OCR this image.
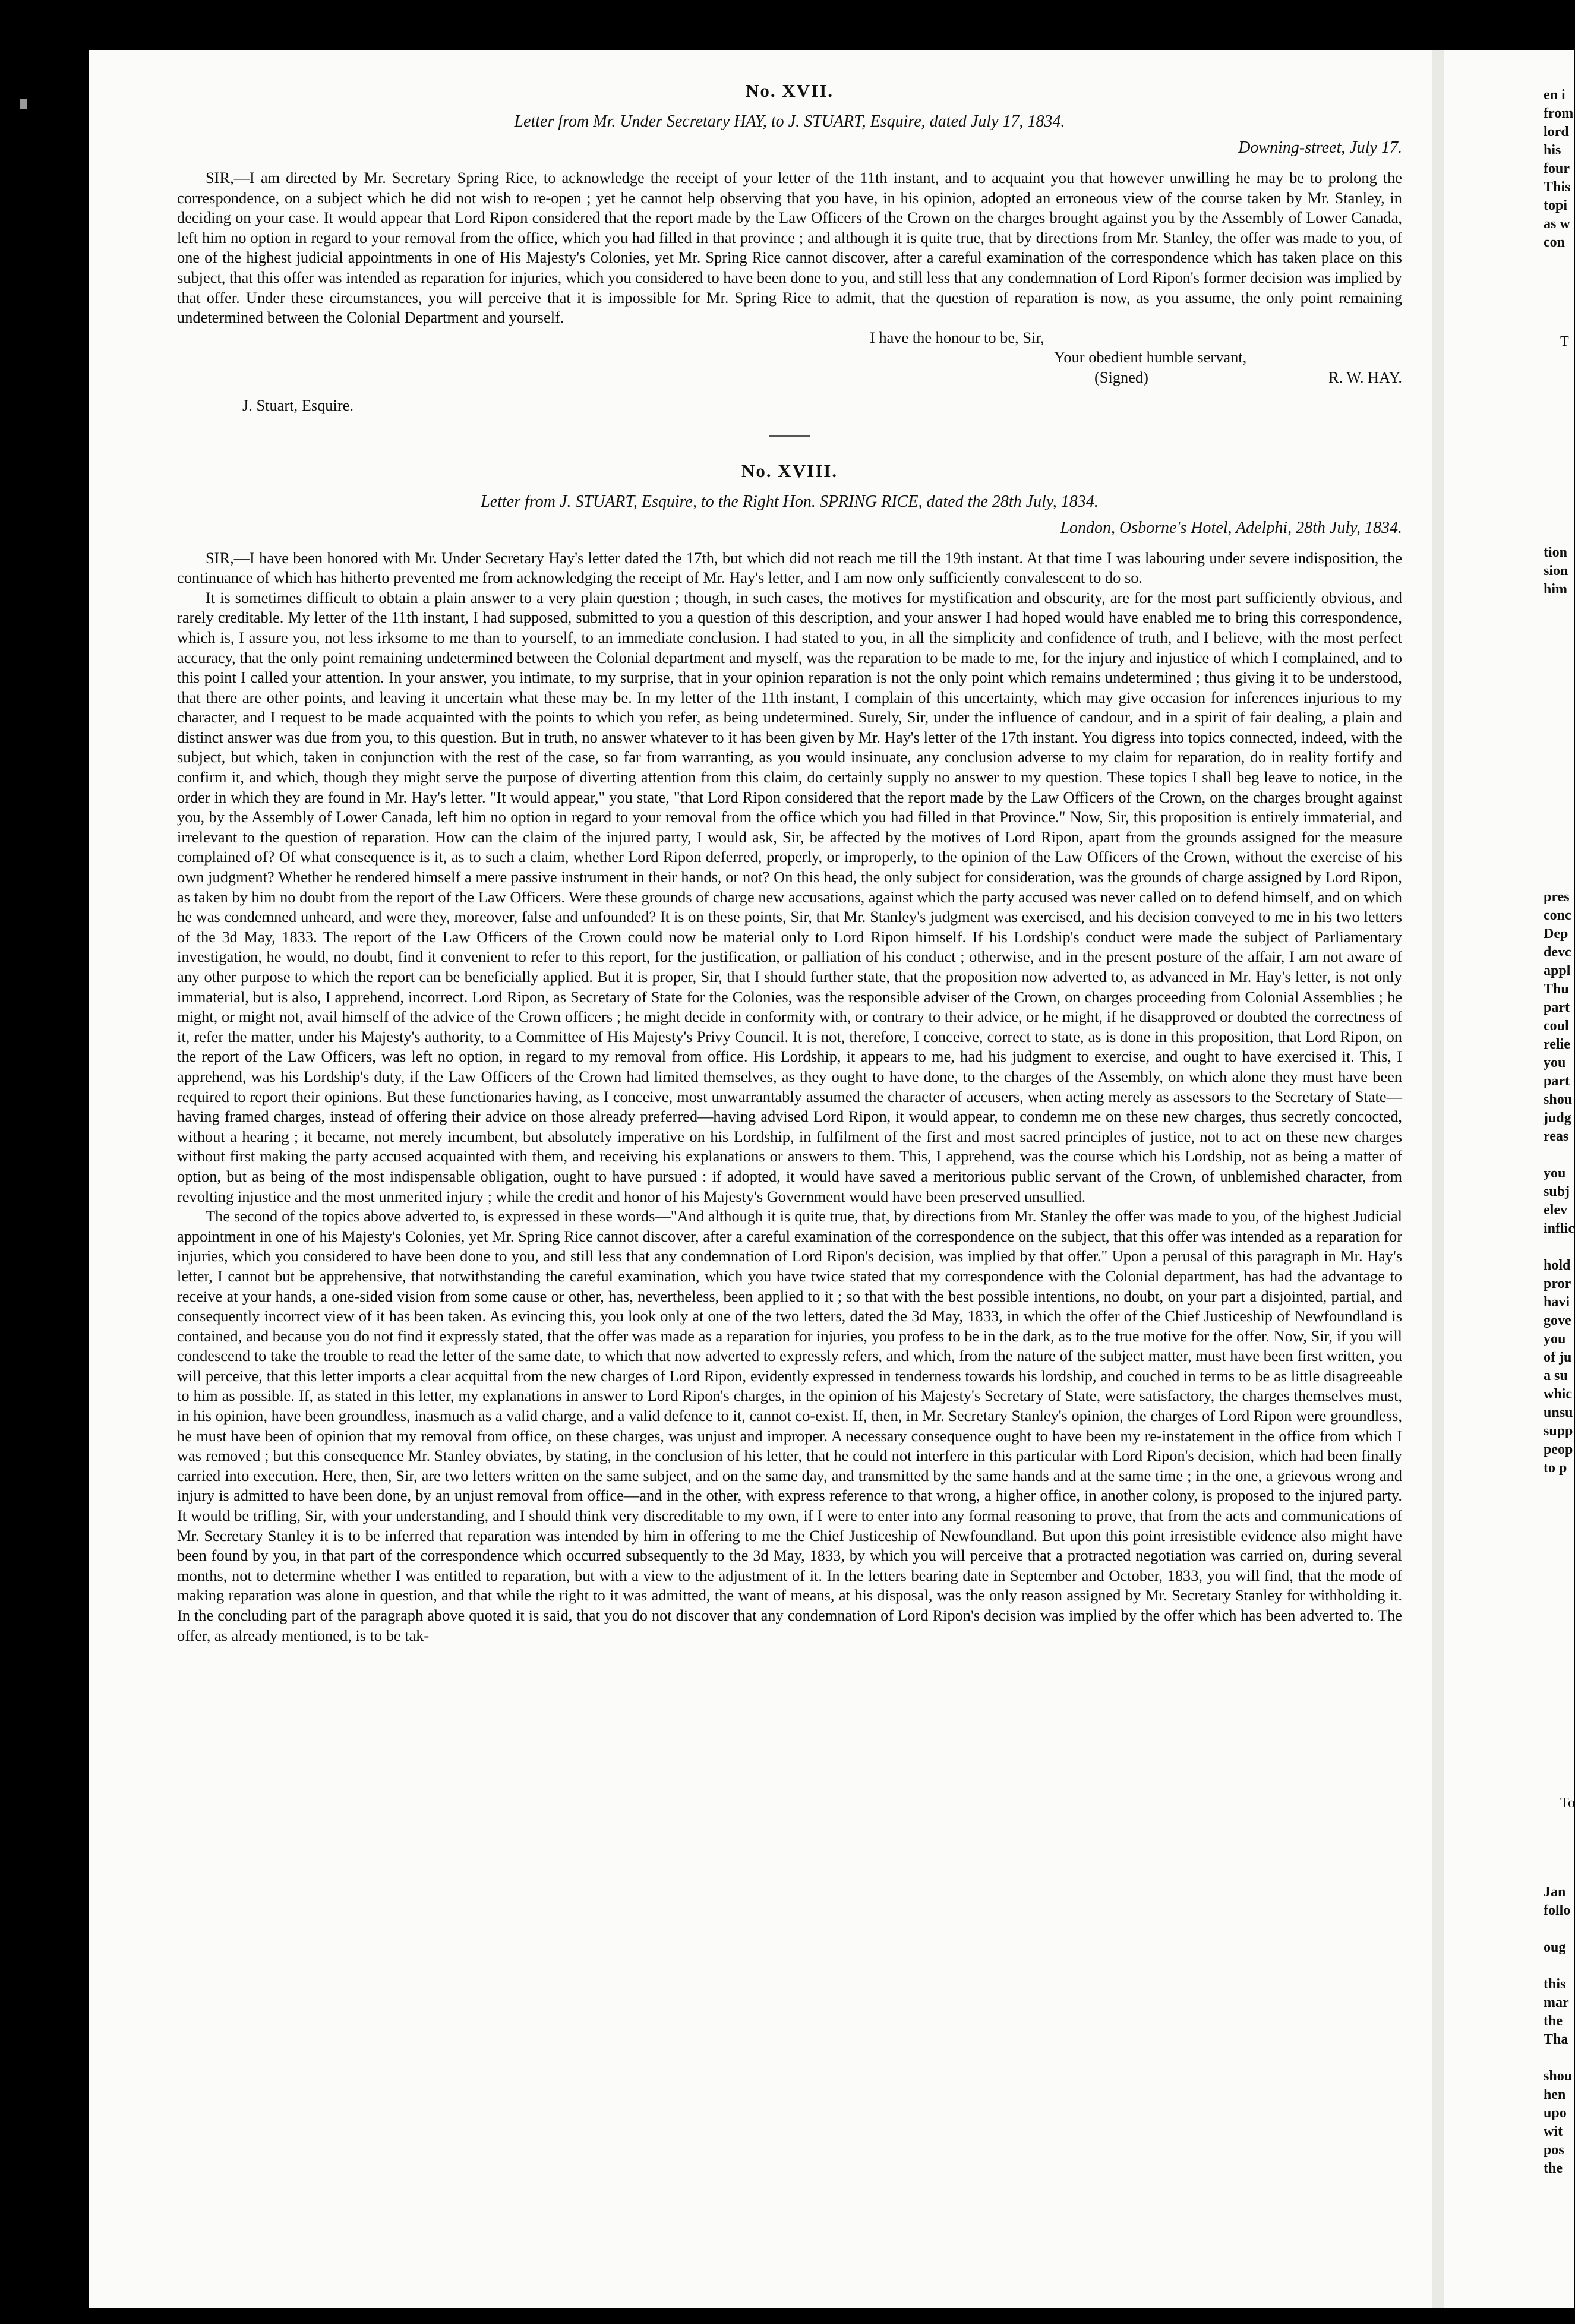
▘
No. XVII.
Letter from Mr. Under Secretary HAY, to J. STUART, Esquire, dated July 17, 1834.
Downing-street, July 17.

SIR,—I am directed by Mr. Secretary Spring Rice, to acknowledge the receipt of your letter of the 11th instant, and to acquaint you that however unwilling he may be to prolong the correspondence, on a subject which he did not wish to re-open ; yet he cannot help observing that you have, in his opinion, adopted an erroneous view of the course taken by Mr. Stanley, in deciding on your case. It would appear that Lord Ripon considered that the report made by the Law Officers of the Crown on the charges brought against you by the Assembly of Lower Canada, left him no option in regard to your removal from the office, which you had filled in that province ; and although it is quite true, that by directions from Mr. Stanley, the offer was made to you, of one of the highest judicial appointments in one of His Majesty's Colonies, yet Mr. Spring Rice cannot discover, after a careful examination of the correspondence which has taken place on this subject, that this offer was intended as reparation for injuries, which you considered to have been done to you, and still less that any condemnation of Lord Ripon's former decision was implied by that offer. Under these circumstances, you will perceive that it is impossible for Mr. Spring Rice to admit, that the question of reparation is now, as you assume, the only point remaining undetermined between the Colonial Department and yourself.

I have the honour to be, Sir,
Your obedient humble servant,
(Signed)	R. W. HAY.
J. Stuart, Esquire.
No. XVIII.
Letter from J. STUART, Esquire, to the Right Hon. SPRING RICE, dated the 28th July, 1834.
London, Osborne's Hotel, Adelphi, 28th July, 1834.

SIR,—I have been honored with Mr. Under Secretary Hay's letter dated the 17th, but which did not reach me till the 19th instant. At that time I was labouring under severe indisposition, the continuance of which has hitherto prevented me from acknowledging the receipt of Mr. Hay's letter, and I am now only sufficiently convalescent to do so.

It is sometimes difficult to obtain a plain answer to a very plain question ; though, in such cases, the motives for mystification and obscurity, are for the most part sufficiently obvious, and rarely creditable. My letter of the 11th instant, I had supposed, submitted to you a question of this description, and your answer I had hoped would have enabled me to bring this correspondence, which is, I assure you, not less irksome to me than to yourself, to an immediate conclusion. I had stated to you, in all the simplicity and confidence of truth, and I believe, with the most perfect accuracy, that the only point remaining undetermined between the Colonial department and myself, was the reparation to be made to me, for the injury and injustice of which I complained, and to this point I called your attention. In your answer, you intimate, to my surprise, that in your opinion reparation is not the only point which remains undetermined ; thus giving it to be understood, that there are other points, and leaving it uncertain what these may be. In my letter of the 11th instant, I complain of this uncertainty, which may give occasion for inferences injurious to my character, and I request to be made acquainted with the points to which you refer, as being undetermined. Surely, Sir, under the influence of candour, and in a spirit of fair dealing, a plain and distinct answer was due from you, to this question. But in truth, no answer whatever to it has been given by Mr. Hay's letter of the 17th instant. You digress into topics connected, indeed, with the subject, but which, taken in conjunction with the rest of the case, so far from warranting, as you would insinuate, any conclusion adverse to my claim for reparation, do in reality fortify and confirm it, and which, though they might serve the purpose of diverting attention from this claim, do certainly supply no answer to my question. These topics I shall beg leave to notice, in the order in which they are found in Mr. Hay's letter. "It would appear," you state, "that Lord Ripon considered that the report made by the Law Officers of the Crown, on the charges brought against you, by the Assembly of Lower Canada, left him no option in regard to your removal from the office which you had filled in that Province." Now, Sir, this proposition is entirely immaterial, and irrelevant to the question of reparation. How can the claim of the injured party, I would ask, Sir, be affected by the motives of Lord Ripon, apart from the grounds assigned for the measure complained of? Of what consequence is it, as to such a claim, whether Lord Ripon deferred, properly, or improperly, to the opinion of the Law Officers of the Crown, without the exercise of his own judgment? Whether he rendered himself a mere passive instrument in their hands, or not? On this head, the only subject for consideration, was the grounds of charge assigned by Lord Ripon, as taken by him no doubt from the report of the Law Officers. Were these grounds of charge new accusations, against which the party accused was never called on to defend himself, and on which he was condemned unheard, and were they, moreover, false and unfounded? It is on these points, Sir, that Mr. Stanley's judgment was exercised, and his decision conveyed to me in his two letters of the 3d May, 1833. The report of the Law Officers of the Crown could now be material only to Lord Ripon himself. If his Lordship's conduct were made the subject of Parliamentary investigation, he would, no doubt, find it convenient to refer to this report, for the justification, or palliation of his conduct ; otherwise, and in the present posture of the affair, I am not aware of any other purpose to which the report can be beneficially applied. But it is proper, Sir, that I should further state, that the proposition now adverted to, as advanced in Mr. Hay's letter, is not only immaterial, but is also, I apprehend, incorrect. Lord Ripon, as Secretary of State for the Colonies, was the responsible adviser of the Crown, on charges proceeding from Colonial Assemblies ; he might, or might not, avail himself of the advice of the Crown officers ; he might decide in conformity with, or contrary to their advice, or he might, if he disapproved or doubted the correctness of it, refer the matter, under his Majesty's authority, to a Committee of His Majesty's Privy Council. It is not, therefore, I conceive, correct to state, as is done in this proposition, that Lord Ripon, on the report of the Law Officers, was left no option, in regard to my removal from office. His Lordship, it appears to me, had his judgment to exercise, and ought to have exercised it. This, I apprehend, was his Lordship's duty, if the Law Officers of the Crown had limited themselves, as they ought to have done, to the charges of the Assembly, on which alone they must have been required to report their opinions. But these functionaries having, as I conceive, most unwarrantably assumed the character of accusers, when acting merely as assessors to the Secretary of State—having framed charges, instead of offering their advice on those already preferred—having advised Lord Ripon, it would appear, to condemn me on these new charges, thus secretly concocted, without a hearing ; it became, not merely incumbent, but absolutely imperative on his Lordship, in fulfilment of the first and most sacred principles of justice, not to act on these new charges without first making the party accused acquainted with them, and receiving his explanations or answers to them. This, I apprehend, was the course which his Lordship, not as being a matter of option, but as being of the most indispensable obligation, ought to have pursued : if adopted, it would have saved a meritorious public servant of the Crown, of unblemished character, from revolting injustice and the most unmerited injury ; while the credit and honor of his Majesty's Government would have been preserved unsullied.

The second of the topics above adverted to, is expressed in these words—"And although it is quite true, that, by directions from Mr. Stanley the offer was made to you, of the highest Judicial appointment in one of his Majesty's Colonies, yet Mr. Spring Rice cannot discover, after a careful examination of the correspondence on the subject, that this offer was intended as a reparation for injuries, which you considered to have been done to you, and still less that any condemnation of Lord Ripon's decision, was implied by that offer." Upon a perusal of this paragraph in Mr. Hay's letter, I cannot but be apprehensive, that notwithstanding the careful examination, which you have twice stated that my correspondence with the Colonial department, has had the advantage to receive at your hands, a one-sided vision from some cause or other, has, nevertheless, been applied to it ; so that with the best possible intentions, no doubt, on your part a disjointed, partial, and consequently incorrect view of it has been taken. As evincing this, you look only at one of the two letters, dated the 3d May, 1833, in which the offer of the Chief Justiceship of Newfoundland is contained, and because you do not find it expressly stated, that the offer was made as a reparation for injuries, you profess to be in the dark, as to the true motive for the offer. Now, Sir, if you will condescend to take the trouble to read the letter of the same date, to which that now adverted to expressly refers, and which, from the nature of the subject matter, must have been first written, you will perceive, that this letter imports a clear acquittal from the new charges of Lord Ripon, evidently expressed in tenderness towards his lordship, and couched in terms to be as little disagreeable to him as possible. If, as stated in this letter, my explanations in answer to Lord Ripon's charges, in the opinion of his Majesty's Secretary of State, were satisfactory, the charges themselves must, in his opinion, have been groundless, inasmuch as a valid charge, and a valid defence to it, cannot co-exist. If, then, in Mr. Secretary Stanley's opinion, the charges of Lord Ripon were groundless, he must have been of opinion that my removal from office, on these charges, was unjust and improper. A necessary consequence ought to have been my re-instatement in the office from which I was removed ; but this consequence Mr. Stanley obviates, by stating, in the conclusion of his letter, that he could not interfere in this particular with Lord Ripon's decision, which had been finally carried into execution. Here, then, Sir, are two letters written on the same subject, and on the same day, and transmitted by the same hands and at the same time ; in the one, a grievous wrong and injury is admitted to have been done, by an unjust removal from office—and in the other, with express reference to that wrong, a higher office, in another colony, is proposed to the injured party. It would be trifling, Sir, with your understanding, and I should think very discreditable to my own, if I were to enter into any formal reasoning to prove, that from the acts and communications of Mr. Secretary Stanley it is to be inferred that reparation was intended by him in offering to me the Chief Justiceship of Newfoundland. But upon this point irresistible evidence also might have been found by you, in that part of the correspondence which occurred subsequently to the 3d May, 1833, by which you will perceive that a protracted negotiation was carried on, during several months, not to determine whether I was entitled to reparation, but with a view to the adjustment of it. In the letters bearing date in September and October, 1833, you will find, that the mode of making reparation was alone in question, and that while the right to it was admitted, the want of means, at his disposal, was the only reason assigned by Mr. Secretary Stanley for withholding it. In the concluding part of the paragraph above quoted it is said, that you do not discover that any condemnation of Lord Ripon's decision was implied by the offer which has been adverted to. The offer, as already mentioned, is to be tak-

en i
from
lord
his
four
This
topi
as w
con
T
tion
sion
him
pres
conc
Dep
devc
appl
Thu
part
coul
relie
you
part
shou
judg
reas

you
subj
elev
inflic

hold
pror
havi
gove
you
of ju
a su
whic
unsu
supp
peop
to p
To
Jan
follo

oug

this
mar
the
Tha

shou
hen
upo
wit
pos
the
